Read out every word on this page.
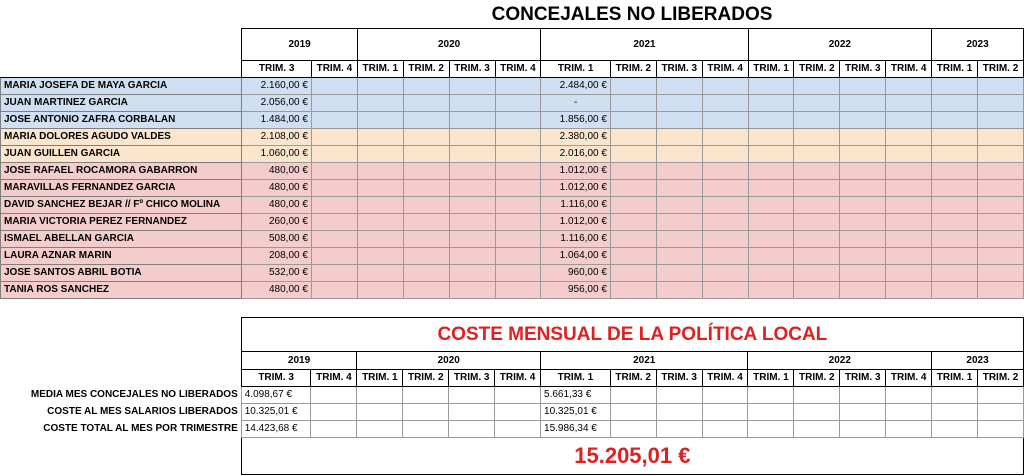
CONCEJALES NO LIBERADOS
	2019		2020				2021				2022				2023	
	TRIM. 3	TRIM. 4	TRIM. 1	TRIM. 2	TRIM. 3	TRIM. 4	TRIM. 1	TRIM. 2	TRIM. 3	TRIM. 4	TRIM. 1	TRIM. 2	TRIM. 3	TRIM. 4	TRIM. 1	TRIM. 2
MARIA JOSEFA DE MAYA GARCIA	2.160,00 €						2.484,00 €									
JUAN MARTINEZ GARCIA	2.056,00 €						-									
JOSE ANTONIO ZAFRA CORBALAN	1.484,00 €						1.856,00 €									
MARIA DOLORES AGUDO VALDES	2.108,00 €						2.380,00 €									
JUAN GUILLEN GARCIA	1.060,00 €						2.016,00 €									
JOSE RAFAEL ROCAMORA GABARRON	480,00 €						1.012,00 €									
MARAVILLAS FERNANDEZ GARCIA	480,00 €						1.012,00 €									
DAVID SANCHEZ BEJAR // Fº CHICO MOLINA	480,00 €						1.116,00 €									
MARIA VICTORIA PEREZ FERNANDEZ	260,00 €						1.012,00 €									
ISMAEL ABELLAN GARCIA	508,00 €						1.116,00 €									
LAURA AZNAR MARIN	208,00 €						1.064,00 €									
JOSE SANTOS ABRIL BOTIA	532,00 €						960,00 €									
TANIA ROS SANCHEZ	480,00 €						956,00 €									
	COSTE MENSUAL DE LA POLÍTICA LOCAL															
	2019		2020				2021				2022				2023	
	TRIM. 3	TRIM. 4	TRIM. 1	TRIM. 2	TRIM. 3	TRIM. 4	TRIM. 1	TRIM. 2	TRIM. 3	TRIM. 4	TRIM. 1	TRIM. 2	TRIM. 3	TRIM. 4	TRIM. 1	TRIM. 2
MEDIA MES CONCEJALES NO LIBERADOS	4.098,67 €						5.661,33 €									
COSTE AL MES SALARIOS LIBERADOS	10.325,01 €						10.325,01 €									
COSTE TOTAL AL MES POR TRIMESTRE	14.423,68 €						15.986,34 €									
	15.205,01 €															
